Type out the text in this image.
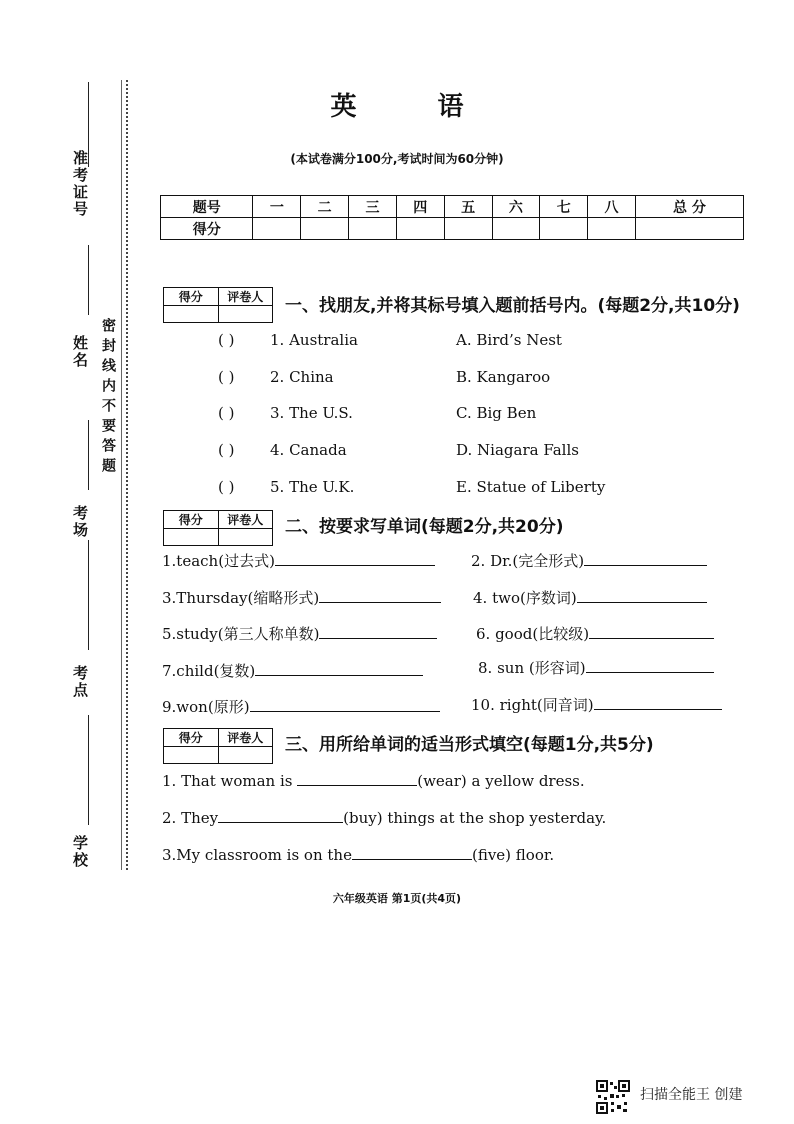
准考证号
姓名 密封线内不要答题
考场
考点
学校
英 语
(本试卷满分100分,考试时间为60分钟)
题号	一	二	三	四	五	六	七	八	总 分
得分									
得分	评卷人
	一、找朋友,并将其标号填入题前括号内。(每题2分,共10分)
( ) 1. Australia	A. Bird’s Nest
( ) 2. China	B. Kangaroo
( ) 3. The U.S.	C. Big Ben
( ) 4. Canada	D. Niagara Falls
( ) 5. The U.K.	E. Statue of Liberty
得分	评卷人
	二、按要求写单词(每题2分,共20分)
1.teach(过去式)	2. Dr.(完全形式)
3.Thursday(缩略形式)	4. two(序数词)
5.study(第三人称单数)	6. good(比较级)
7.child(复数)	8. sun (形容词)
9.won(原形)	10. right(同音词)
得分	评卷人
	三、用所给单词的适当形式填空(每题1分,共5分)
1. That woman is	(wear) a yellow dress.
2. They	(buy) things at the shop yesterday.
3.My classroom is on the	(five) floor.
六年级英语 第1页(共4页)
扫描全能王 创建
